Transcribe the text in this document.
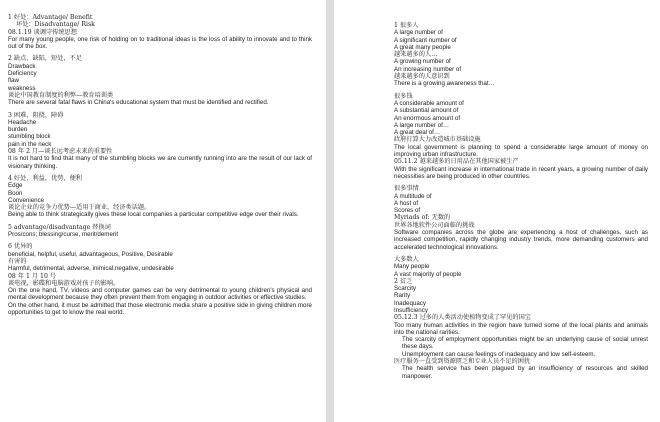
1 好处：Advantage/ Benefit
坏处：Disadvantage/ Risk
08.1.19 谈调守传统思想
For many young people, one risk of holding on to traditional ideas is the loss of ability to innovate and to think out of the box.
2 缺点，缺陷，短处，不足
Drawback
Deficiency
flaw
weakness
谈论中国教育制度的利弊—教育培训类
There are several fatal flaws in China's educational system that must be identified and rectified.
3 困难，阻挠，障碍
Headache
burden
stumbling block
pain in the neck
08 年 2 月—谈长远考虑未来的重要性
It is not hard to find that many of the stumbling blocks we are currently running into are the result of our lack of visionary thinking.
4 好处，利益，优势，便利
Edge
Boon
Convenience
谈论企业的竞争力优势—适用于商业，经济类话题。
Being able to think strategically gives these local companies a particular competitive edge over their rivals.
5 advantage/disadvantage 替换词
Pros/cons; blessing/curse, merit/demerit
6 优异的
beneficial, helpful, useful, advantageous, Positive, Desirable
有害的
Harmful, detrimental, adverse, inimical,negative, undesirable
08 年 1 月 10 号
谈电视，影碟和电脑游戏对孩子的影响。
On the one hand, TV, videos and computer games can be very detrimental to young children's physical and mental development because they often prevent them from engaging in outdoor activities or effective studies.
On the other hand, it must be admitted that those electronic media share a positive side in giving children more opportunities to get to know the real world.
1 很多人
A large number of
A significant number of
A great many people
越来越多的人…
A growing number of
An increasing number of
越来越多的人意识到
There is a growing awareness that…
很多钱
A considerable amount of
A substantial amount of
An enormous amount of
A large number of…
A great deal of…
政府打算大力改造城市基础设施
The local government is planning to spend a considerable large amount of money on improving urban infrastructure.
05.11.2 越来越多的日用品在其他国家被生产
With the significant increase in international trade in recent years, a growing number of daily necessities are being produced in other countries.
很多事情
A multitude of
A host of
Scores of
Myriads of: 无数的
世界各地软件公司面临的挑战
Software companies across the globe are experiencing a host of challenges, such as increased competition, rapidly changing industry trends, more demanding customers and accelerated technological innovations.
大多数人
Many people
A vast majority of people
2 贫乏
Scarcity
Rarity
Inadequacy
Insufficiency
05.12.3 过多的人类活动使植物变成了罕见的国宝
Too many human activities in the region have turned some of the local plants and animals into the national rarities.
The scarcity of employment opportunities might be an underlying cause of social unrest these days.
Unemployment can cause feelings of inadequacy and low self-esteem.
医疗服务一直受到资源匮乏和专业人员不足的困扰
The health service has been plagued by an insufficiency of resources and skilled manpower.
